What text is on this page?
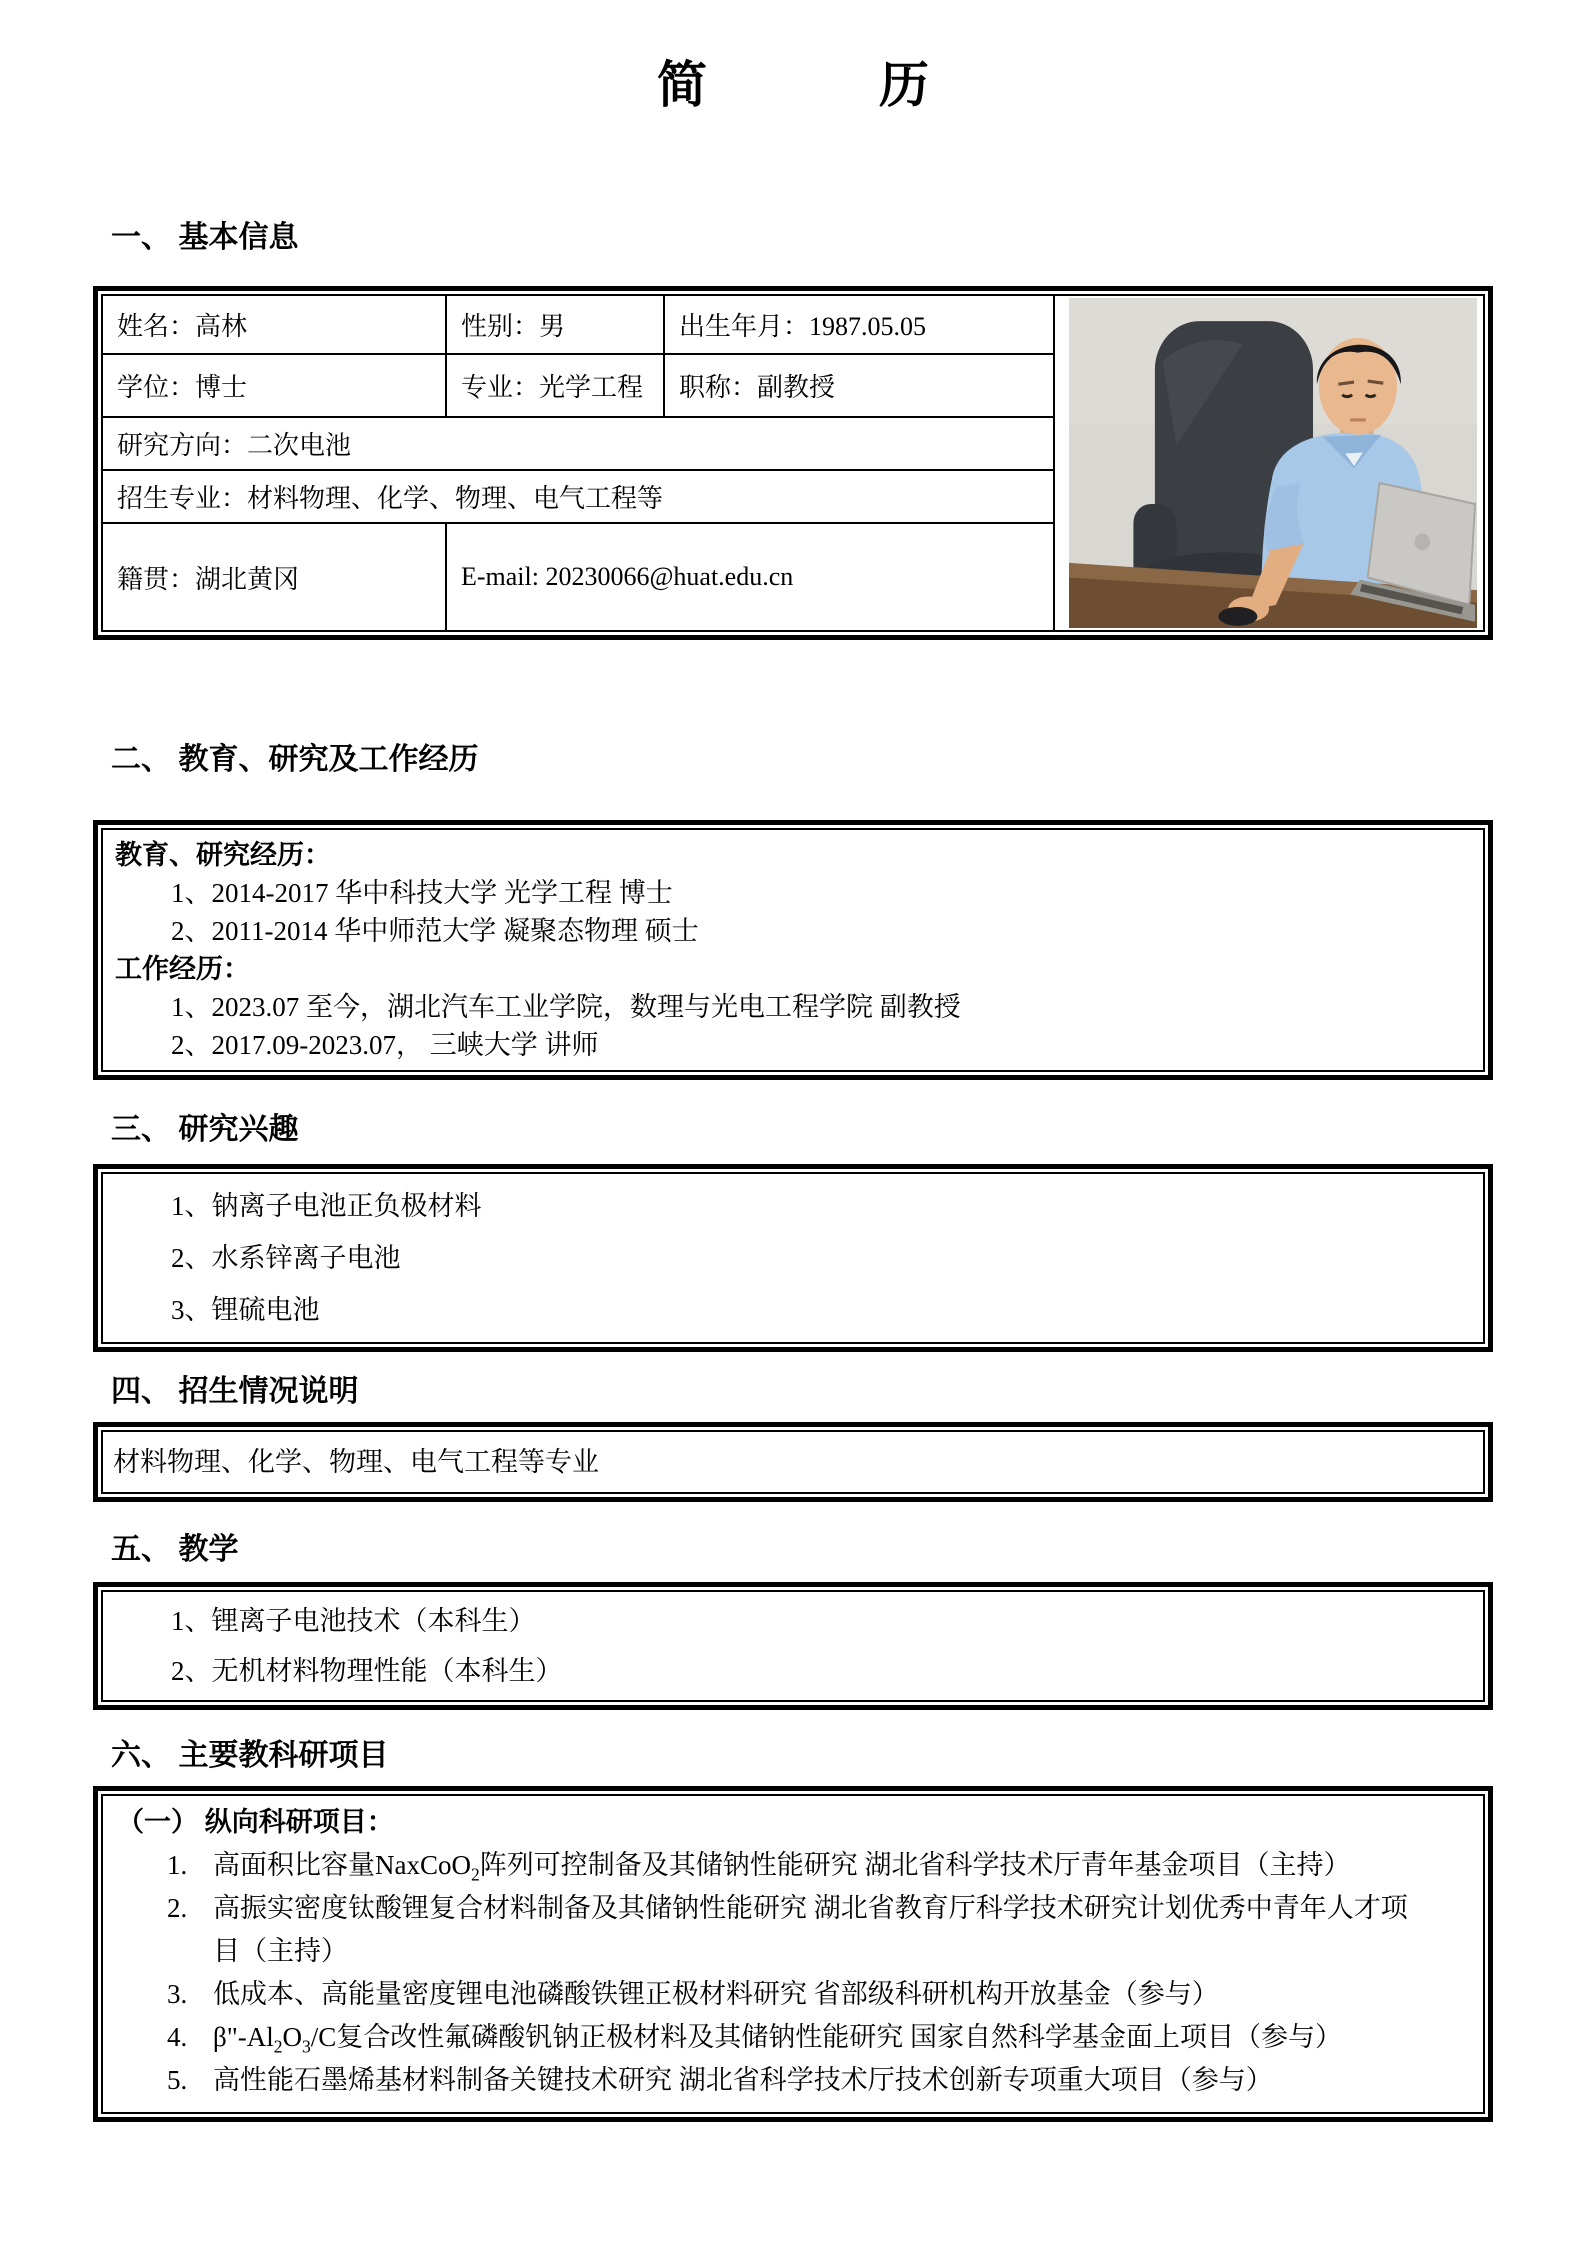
简	历
一、 基本信息
姓名：高林	性别：男	出生年月：1987.05.05	

学位：博士	专业：光学工程	职称：副教授	
研究方向：二次电池			
招生专业：材料物理、化学、物理、电气工程等			
籍贯：湖北黄冈	E-mail: 20230066@huat.edu.cn		
二、 教育、研究及工作经历
教育、研究经历：
1、2014-2017 华中科技大学 光学工程 博士
2、2011-2014 华中师范大学 凝聚态物理 硕士
工作经历：
1、2023.07 至今，湖北汽车工业学院，数理与光电工程学院 副教授
2、2017.09-2023.07， 三峡大学 讲师
三、 研究兴趣
1、钠离子电池正负极材料
2、水系锌离子电池
3、锂硫电池
四、 招生情况说明
材料物理、化学、物理、电气工程等专业
五、 教学
1、锂离子电池技术（本科生）
2、无机材料物理性能（本科生）
六、 主要教科研项目
（一） 纵向科研项目：
1. 高面积比容量NaxCoO$_2$阵列可控制备及其储钠性能研究 湖北省科学技术厅青年基金项目（主持）
2. 高振实密度钛酸锂复合材料制备及其储钠性能研究 湖北省教育厅科学技术研究计划优秀中青年人才项目（主持）
3. 低成本、高能量密度锂电池磷酸铁锂正极材料研究 省部级科研机构开放基金（参与）
4. $\beta"-Al_2O_3/C$复合改性氟磷酸钒钠正极材料及其储钠性能研究 国家自然科学基金面上项目（参与）
5. 高性能石墨烯基材料制备关键技术研究 湖北省科学技术厅技术创新专项重大项目（参与）
